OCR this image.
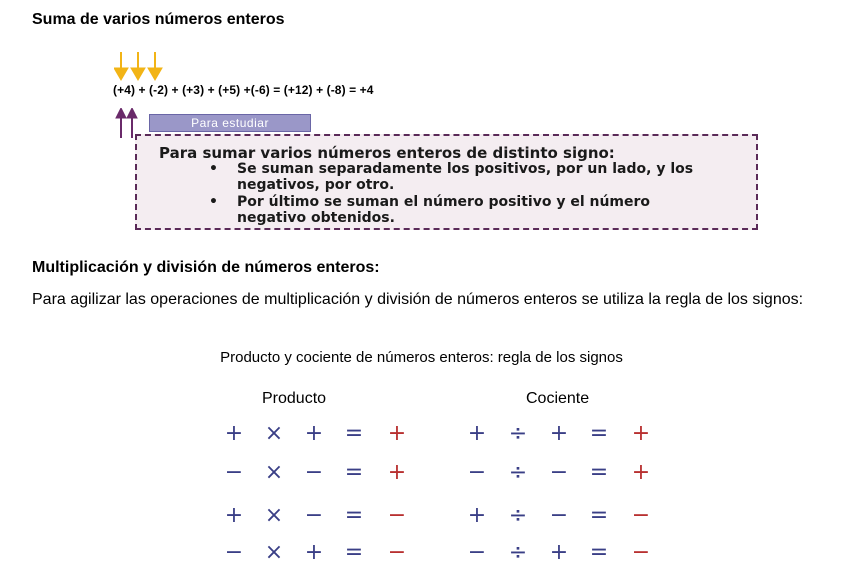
Suma de varios números enteros
(+4) + (-2) + (+3) + (+5) +(-6) = (+12) + (-8) = +4
Para estudiar
Para sumar varios números enteros de distinto signo:
• Se suman separadamente los positivos, por un lado, y los negativos, por otro.
• Por último se suman el número positivo y el número negativo obtenidos.
Multiplicación y división de números enteros:
Para agilizar las operaciones de multiplicación y división de números enteros se utiliza la regla de los signos:
Producto y cociente de números enteros: regla de los signos
Producto	Cociente
+ × + = +
− × − = +
+ × − = −
− × + = −
+ ÷ + = +
− ÷ − = +
+ ÷ − = −
− ÷ + = −
